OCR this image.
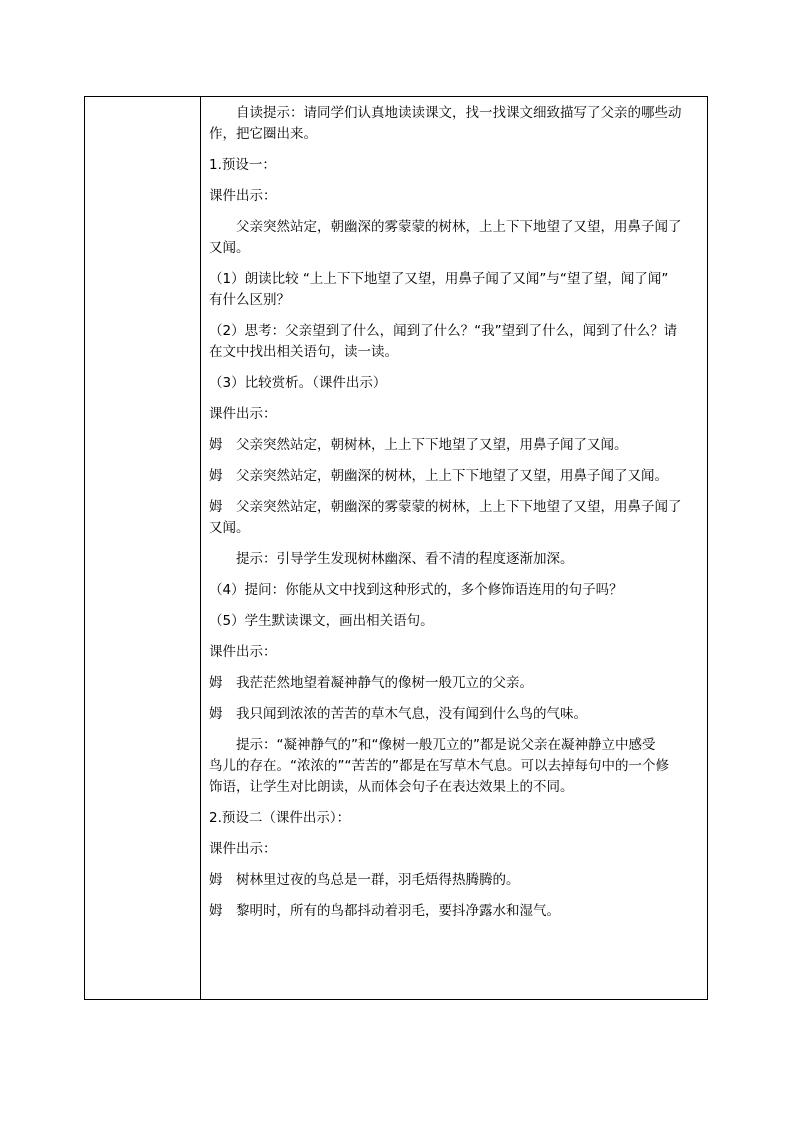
自读提示：请同学们认真地读读课文，找一找课文细致描写了父亲的哪些动
作，把它圈出来。
1.预设一：
课件出示：
父亲突然站定，朝幽深的雾蒙蒙的树林，上上下下地望了又望，用鼻子闻了
又闻。
（1）朗读比较 “上上下下地望了又望，用鼻子闻了又闻”与“望了望，闻了闻”
有什么区别？
（2）思考：父亲望到了什么，闻到了什么？“我”望到了什么，闻到了什么？请
在文中找出相关语句，读一读。
（3）比较赏析。（课件出示）
课件出示：
姆 父亲突然站定，朝树林，上上下下地望了又望，用鼻子闻了又闻。
姆 父亲突然站定，朝幽深的树林，上上下下地望了又望，用鼻子闻了又闻。
姆 父亲突然站定，朝幽深的雾蒙蒙的树林，上上下下地望了又望，用鼻子闻了
又闻。
提示：引导学生发现树林幽深、看不清的程度逐渐加深。
（4）提问：你能从文中找到这种形式的，多个修饰语连用的句子吗？
（5）学生默读课文，画出相关语句。
课件出示：
姆 我茫茫然地望着凝神静气的像树一般兀立的父亲。
姆 我只闻到浓浓的苦苦的草木气息，没有闻到什么鸟的气味。
提示：“凝神静气的”和“像树一般兀立的”都是说父亲在凝神静立中感受
鸟儿的存在。“浓浓的”“苦苦的”都是在写草木气息。可以去掉每句中的一个修
饰语，让学生对比朗读，从而体会句子在表达效果上的不同。
2.预设二（课件出示）：
课件出示：
姆 树林里过夜的鸟总是一群，羽毛焐得热腾腾的。
姆 黎明时，所有的鸟都抖动着羽毛，要抖净露水和湿气。
